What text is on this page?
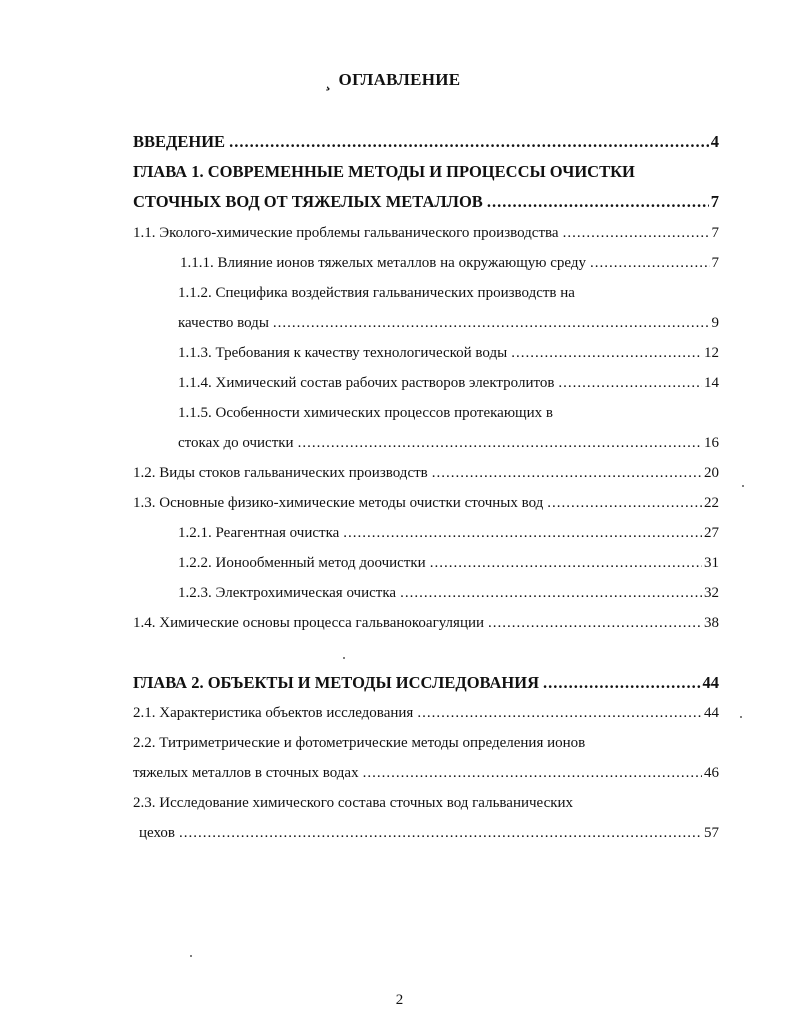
¸ ОГЛАВЛЕНИЕ
ВВЕДЕНИЕ .....	4
ГЛАВА 1. СОВРЕМЕННЫЕ МЕТОДЫ И ПРОЦЕССЫ ОЧИСТКИ
СТОЧНЫХ ВОД ОТ ТЯЖЕЛЫХ МЕТАЛЛОВ .....	7
1.1. Эколого-химические проблемы гальванического производства .....	7
1.1.1. Влияние ионов тяжелых металлов на окружающую среду .....	7
1.1.2. Специфика воздействия гальванических производств на
качество воды .....	9
1.1.3. Требования к качеству технологической воды .....	12
1.1.4. Химический состав рабочих растворов электролитов .....	14
1.1.5. Особенности химических процессов протекающих в
стоках до очистки .....	16
1.2. Виды стоков гальванических производств .....	20
1.3. Основные физико-химические методы очистки сточных вод .....	22
1.2.1. Реагентная очистка .....	27
1.2.2. Ионообменный метод доочистки .....	31
1.2.3. Электрохимическая очистка .....	32
1.4. Химические основы процесса гальванокоагуляции .....	38
ГЛАВА 2. ОБЪЕКТЫ И МЕТОДЫ ИССЛЕДОВАНИЯ .....	44
2.1. Характеристика объектов исследования .....	44
2.2. Титриметрические и фотометрические методы определения ионов
тяжелых металлов в сточных водах .....	46
2.3. Исследование химического состава сточных вод гальванических
цехов .....	57
2
